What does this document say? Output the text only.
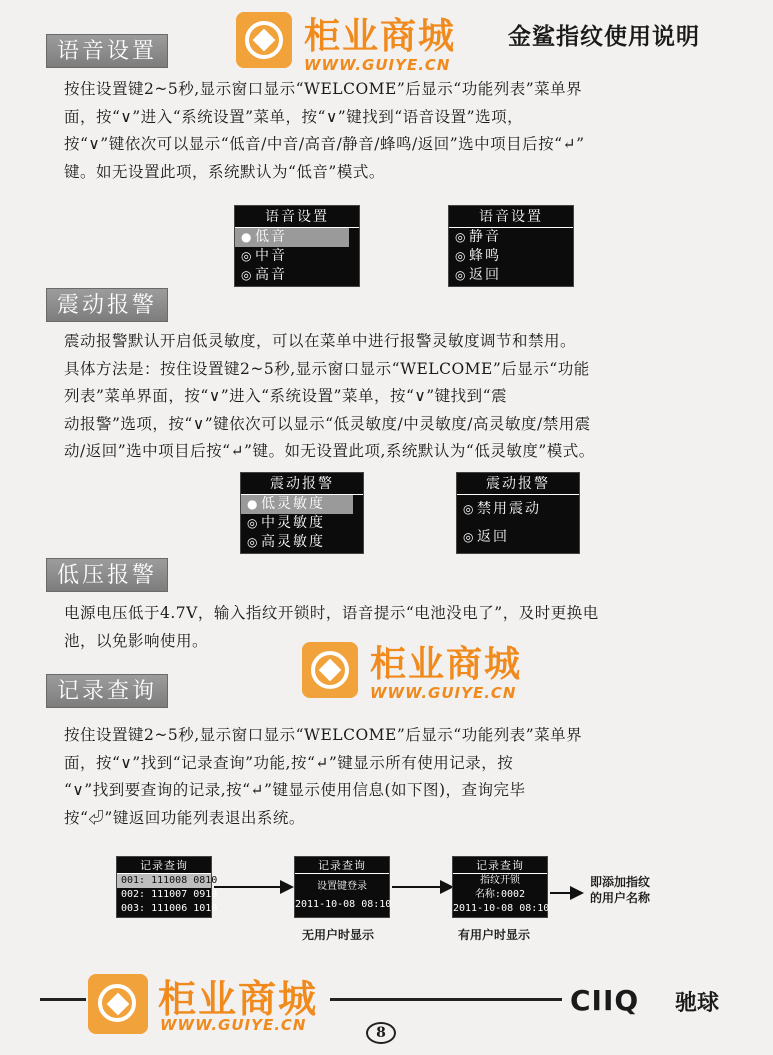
柜业商城
WWW.GUIYE.CN
金鲨指纹使用说明
语音设置
按住设置键2~5秒,显示窗口显示“WELCOME”后显示“功能列表”菜单界
面，按“∨”进入“系统设置”菜单，按“∨”键找到“语音设置”选项，
按“∨”键依次可以显示“低音/中音/高音/静音/蜂鸣/返回”选中项目后按“↵”
键。如无设置此项，系统默认为“低音”模式。
语音设置
● 低音
◎ 中音
◎ 高音
语音设置
◎ 静音
◎ 蜂鸣
◎ 返回
震动报警
震动报警默认开启低灵敏度，可以在菜单中进行报警灵敏度调节和禁用。
具体方法是：按住设置键2~5秒,显示窗口显示“WELCOME”后显示“功能
列表”菜单界面，按“∨”进入“系统设置”菜单，按“∨”键找到“震
动报警”选项，按“∨”键依次可以显示“低灵敏度/中灵敏度/高灵敏度/禁用震
动/返回”选中项目后按“↵”键。如无设置此项,系统默认为“低灵敏度”模式。
震动报警
● 低灵敏度
◎ 中灵敏度
◎ 高灵敏度
震动报警
◎ 禁用震动
◎ 返回
低压报警
电源电压低于4.7V，输入指纹开锁时，语音提示“电池没电了”，及时更换电
池，以免影响使用。
柜业商城
WWW.GUIYE.CN
记录查询
按住设置键2~5秒,显示窗口显示“WELCOME”后显示“功能列表”菜单界
面，按“∨”找到“记录查询”功能,按“↵”键显示所有使用记录，按
“∨”找到要查询的记录,按“↵”键显示使用信息(如下图)，查询完毕
按“⏎”键返回功能列表退出系统。
记录查询
001: 111008 0810
002: 111007 0910
003: 111006 1010
记录查询
设置键登录
2011-10-08 08:10
无用户时显示
记录查询
指纹开锁
名称:0002
2011-10-08 08:10
有用户时显示
即添加指纹
的用户名称
柜业商城
WWW.GUIYE.CN
CIIQ 驰球
8
